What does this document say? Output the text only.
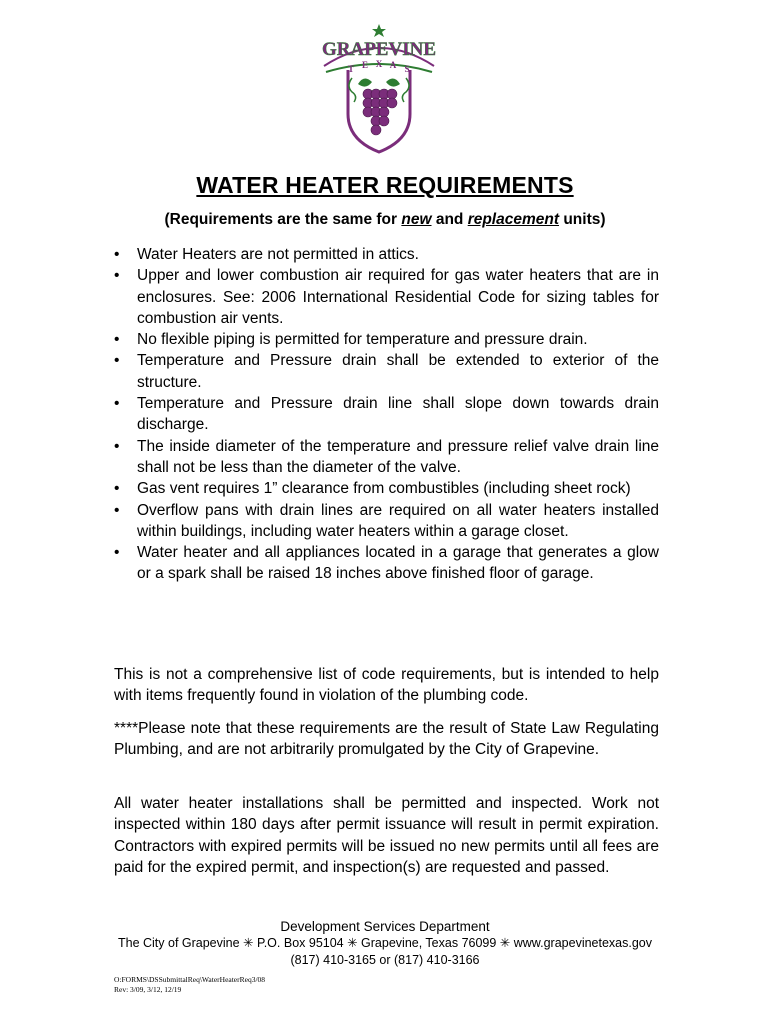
GRAPEVINE
T E X A S
WATER HEATER REQUIREMENTS
(Requirements are the same for new and replacement units)
• Water Heaters are not permitted in attics.
• Upper and lower combustion air required for gas water heaters that are in enclosures. See: 2006 International Residential Code for sizing tables for combustion air vents.
• No flexible piping is permitted for temperature and pressure drain.
• Temperature and Pressure drain shall be extended to exterior of the structure.
• Temperature and Pressure drain line shall slope down towards drain discharge.
• The inside diameter of the temperature and pressure relief valve drain line shall not be less than the diameter of the valve.
• Gas vent requires 1” clearance from combustibles (including sheet rock)
• Overflow pans with drain lines are required on all water heaters installed within buildings, including water heaters within a garage closet.
• Water heater and all appliances located in a garage that generates a glow or a spark shall be raised 18 inches above finished floor of garage.

This is not a comprehensive list of code requirements, but is intended to help with items frequently found in violation of the plumbing code.

****Please note that these requirements are the result of State Law Regulating Plumbing, and are not arbitrarily promulgated by the City of Grapevine.

All water heater installations shall be permitted and inspected. Work not inspected within 180 days after permit issuance will result in permit expiration. Contractors with expired permits will be issued no new permits until all fees are paid for the expired permit, and inspection(s) are requested and passed.

Development Services Department
The City of Grapevine ✳ P.O. Box 95104 ✳ Grapevine, Texas 76099 ✳ www.grapevinetexas.gov
(817) 410-3165 or (817) 410-3166
O:FORMS\DSSubmittalReq\WaterHeaterReq3/08
Rev: 3/09, 3/12, 12/19
